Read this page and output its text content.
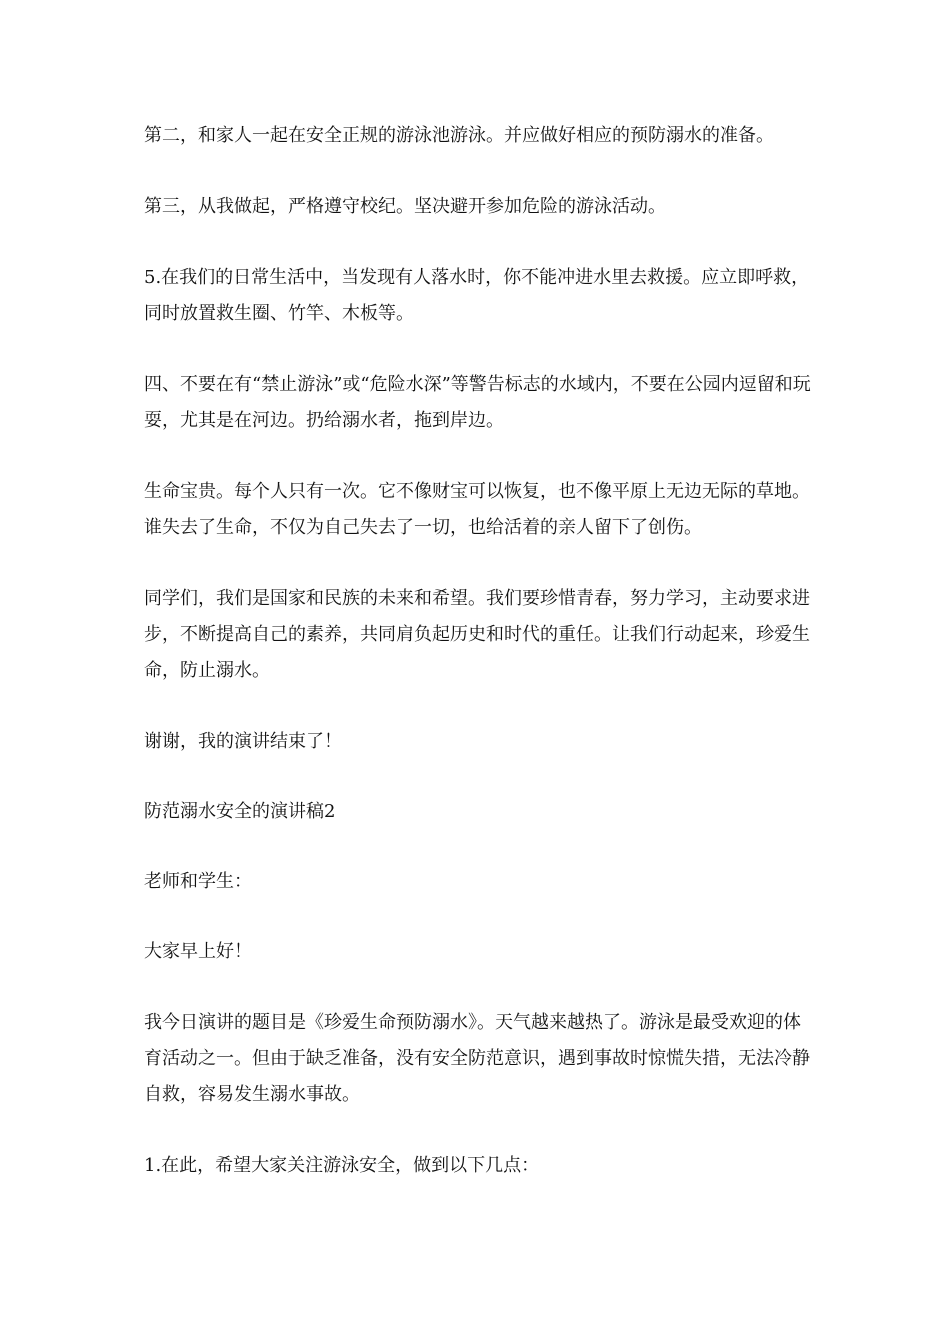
第二，和家人一起在安全正规的游泳池游泳。并应做好相应的预防溺水的准备。

第三，从我做起，严格遵守校纪。坚决避开参加危险的游泳活动。

5.在我们的日常生活中，当发现有人落水时，你不能冲进水里去救援。应立即呼救，同时放置救生圈、竹竿、木板等。

四、不要在有“禁止游泳”或“危险水深”等警告标志的水域内，不要在公园内逗留和玩耍，尤其是在河边。扔给溺水者，拖到岸边。

生命宝贵。每个人只有一次。它不像财宝可以恢复，也不像平原上无边无际的草地。谁失去了生命，不仅为自己失去了一切，也给活着的亲人留下了创伤。

同学们，我们是国家和民族的未来和希望。我们要珍惜青春，努力学习，主动要求进步，不断提高自己的素养，共同肩负起历史和时代的重任。让我们行动起来，珍爱生命，防止溺水。

谢谢，我的演讲结束了！

防范溺水安全的演讲稿2

老师和学生：

大家早上好！

我今日演讲的题目是《珍爱生命预防溺水》。天气越来越热了。游泳是最受欢迎的体育活动之一。但由于缺乏准备，没有安全防范意识，遇到事故时惊慌失措，无法冷静自救，容易发生溺水事故。

1.在此，希望大家关注游泳安全，做到以下几点：
